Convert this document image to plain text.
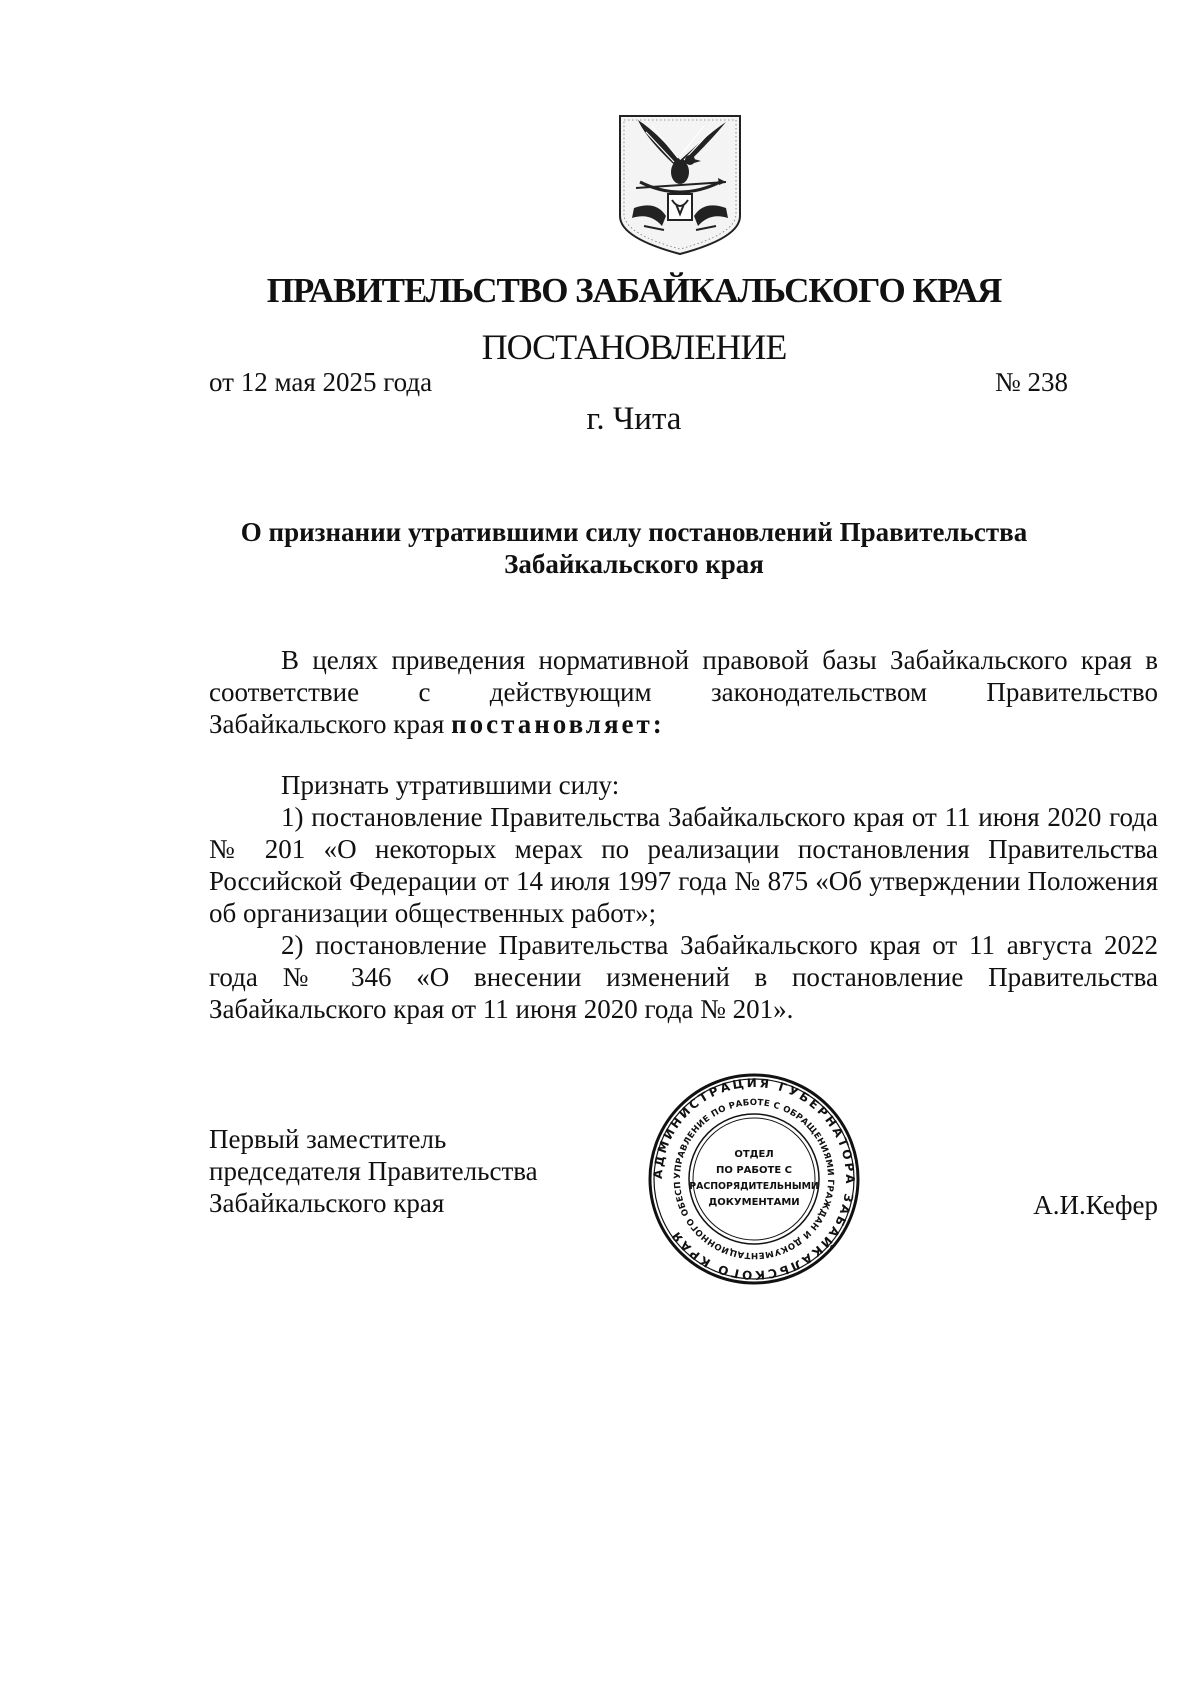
ПРАВИТЕЛЬСТВО ЗАБАЙКАЛЬСКОГО КРАЯ
ПОСТАНОВЛЕНИЕ
от 12 мая 2025 года	№ 238
г. Чита
О признании утратившими силу постановлений Правительства
Забайкальского края
В целях приведения нормативной правовой базы Забайкальского края в соответствие с действующим законодательством Правительство
Забайкальского края постановляет:

Признать утратившими силу:

1) постановление Правительства Забайкальского края от 11 июня 2020 года № 201 «О некоторых мерах по реализации постановления Правительства Российской Федерации от 14 июля 1997 года № 875 «Об утверждении Положения об организации общественных работ»;

2) постановление Правительства Забайкальского края от 11 августа 2022 года № 346 «О внесении изменений в постановление Правительства Забайкальского края от 11 июня 2020 года № 201».

Первый заместитель
председателя Правительства
Забайкальского края	А.И.Кефер
АДМИНИСТРАЦИЯ ГУБЕРНАТОРА ЗАБАЙКАЛЬСКОГО КРАЯ
УПРАВЛЕНИЕ ПО РАБОТЕ С ОБРАЩЕНИЯМИ ГРАЖДАН И ДОКУМЕНТАЦИОННОГО ОБЕСП
ОТДЕЛ
ПО РАБОТЕ С
РАСПОРЯДИТЕЛЬНЫМИ
ДОКУМЕНТАМИ
